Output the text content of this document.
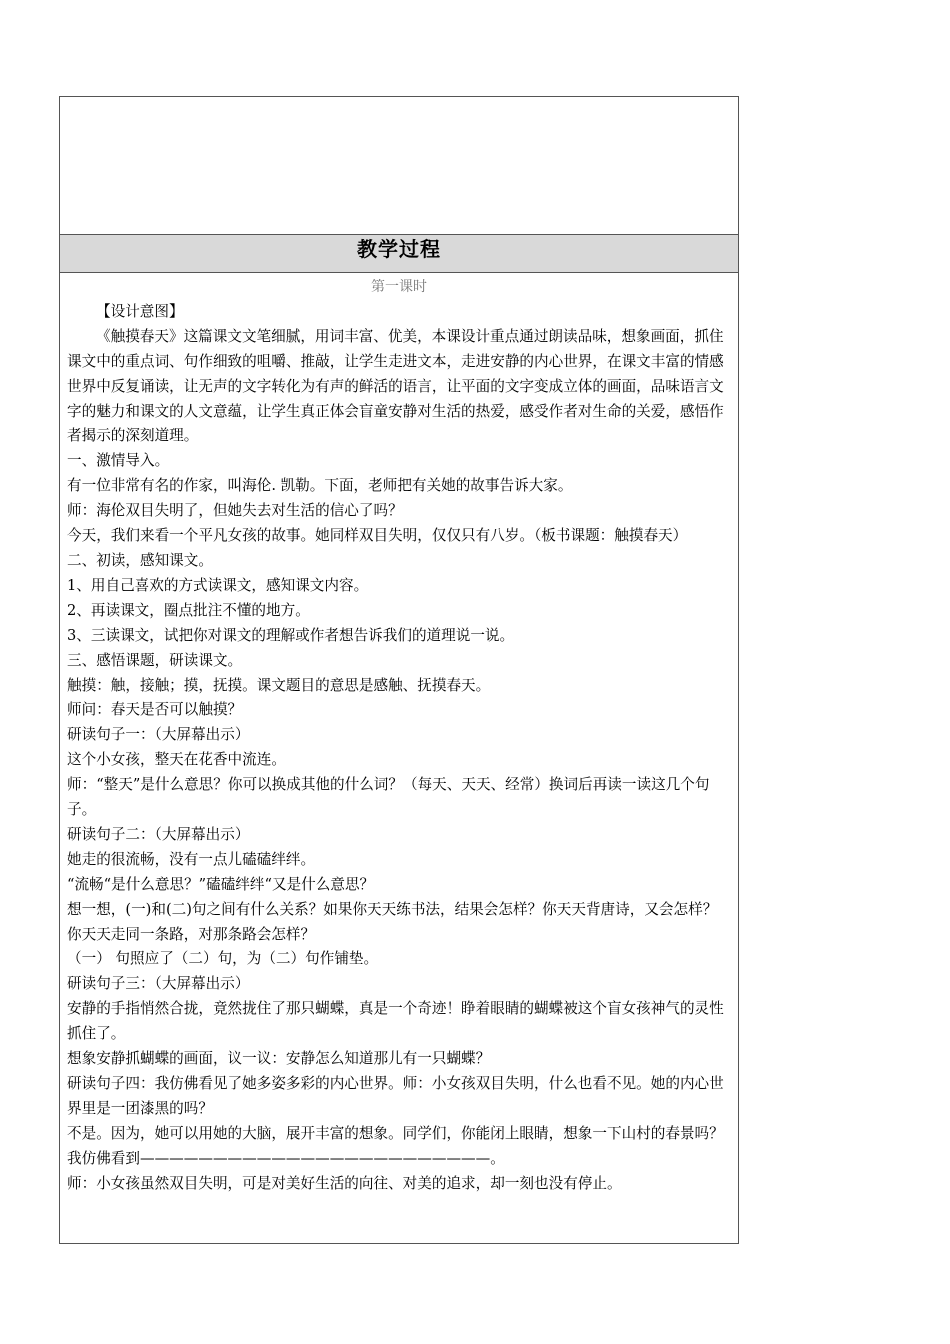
教学过程

第一课时

【设计意图】

《触摸春天》这篇课文文笔细腻，用词丰富、优美，本课设计重点通过朗读品味，想象画面，抓住课文中的重点词、句作细致的咀嚼、推敲，让学生走进文本，走进安静的内心世界，在课文丰富的情感世界中反复诵读，让无声的文字转化为有声的鲜活的语言，让平面的文字变成立体的画面，品味语言文字的魅力和课文的人文意蕴，让学生真正体会盲童安静对生活的热爱，感受作者对生命的关爱，感悟作者揭示的深刻道理。

一、激情导入。

有一位非常有名的作家，叫海伦. 凯勒。下面，老师把有关她的故事告诉大家。

师：海伦双目失明了，但她失去对生活的信心了吗？

今天，我们来看一个平凡女孩的故事。她同样双目失明，仅仅只有八岁。（板书课题：触摸春天）

二、初读，感知课文。

1、用自己喜欢的方式读课文，感知课文内容。

2、再读课文，圈点批注不懂的地方。

3、三读课文，试把你对课文的理解或作者想告诉我们的道理说一说。

三、感悟课题，研读课文。

触摸：触，接触；摸，抚摸。课文题目的意思是感触、抚摸春天。

师问：春天是否可以触摸？

研读句子一：（大屏幕出示）

这个小女孩，整天在花香中流连。

师：“整天”是什么意思？你可以换成其他的什么词？（每天、天天、经常）换词后再读一读这几个句子。

研读句子二：（大屏幕出示）

她走的很流畅，没有一点儿磕磕绊绊。

“流畅“是什么意思？”磕磕绊绊“又是什么意思？

想一想，(一)和(二)句之间有什么关系？如果你天天练书法，结果会怎样？你天天背唐诗，又会怎样？你天天走同一条路，对那条路会怎样？

（一） 句照应了（二）句，为（二）句作铺垫。

研读句子三：（大屏幕出示）

安静的手指悄然合拢，竟然拢住了那只蝴蝶，真是一个奇迹！睁着眼睛的蝴蝶被这个盲女孩神气的灵性抓住了。

想象安静抓蝴蝶的画面，议一议：安静怎么知道那儿有一只蝴蝶？

研读句子四：我仿佛看见了她多姿多彩的内心世界。师：小女孩双目失明，什么也看不见。她的内心世界里是一团漆黑的吗？

不是。因为，她可以用她的大脑，展开丰富的想象。同学们，你能闭上眼睛，想象一下山村的春景吗？

我仿佛看到————————————————————————。

师：小女孩虽然双目失明，可是对美好生活的向往、对美的追求，却一刻也没有停止。
